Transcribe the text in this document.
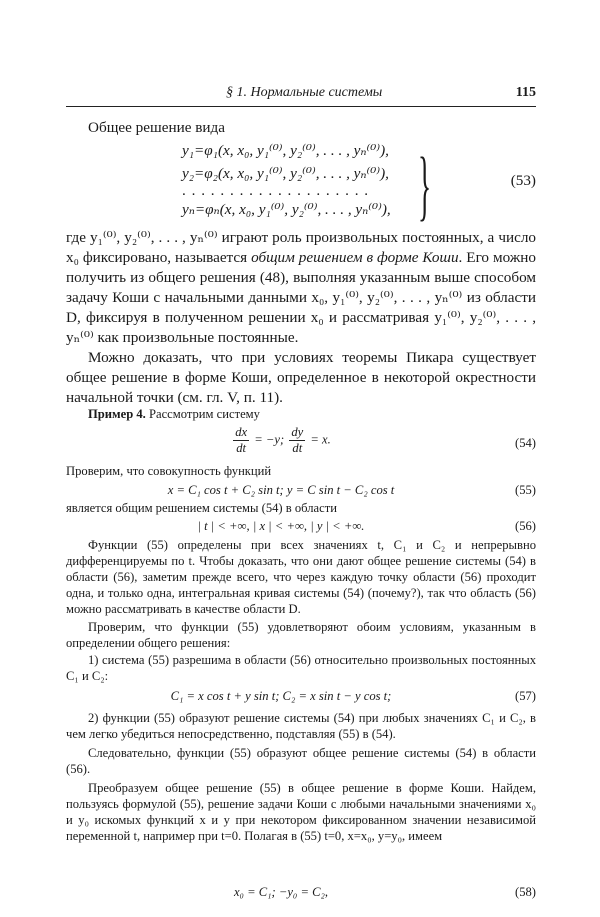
§ 1. Нормальные системы	115
Общее решение вида
y₁=φ₁(x, x₀, y₁⁽⁰⁾, y₂⁽⁰⁾, . . . , yₙ⁽⁰⁾),
y₂=φ₂(x, x₀, y₁⁽⁰⁾, y₂⁽⁰⁾, . . . , yₙ⁽⁰⁾),
. . . . . . . . . . . . . . . . . . . .
yₙ=φₙ(x, x₀, y₁⁽⁰⁾, y₂⁽⁰⁾, . . . , yₙ⁽⁰⁾), }	(53)
где y₁⁽⁰⁾, y₂⁽⁰⁾, . . . , yₙ⁽⁰⁾ играют роль произвольных постоянных, а число x₀ фиксировано, называется общим решением в форме Коши. Его можно получить из общего решения (48), выполняя указанным выше способом задачу Коши с начальными данными x₀, y₁⁽⁰⁾, y₂⁽⁰⁾, . . . , yₙ⁽⁰⁾ из области D, фиксируя в полученном решении x₀ и рассматривая y₁⁽⁰⁾, y₂⁽⁰⁾, . . . , yₙ⁽⁰⁾ как произвольные постоянные.
Можно доказать, что при условиях теоремы Пикара существует общее решение в форме Коши, определенное в некоторой окрестности начальной точки (см. гл. V, п. 11).
Пример 4. Рассмотрим систему
$\frac{dx}{dt} = -y$; $\frac{dy}{dt} = x$.	(54)
Проверим, что совокупность функций
x = C₁ cos t + C₂ sin t; y = C sin t − C₂ cos t	(55)
является общим решением системы (54) в области
| t | < +∞, | x | < +∞, | y | < +∞.	(56)
Функции (55) определены при всех значениях t, C₁ и C₂ и непрерывно дифференцируемы по t. Чтобы доказать, что они дают общее решение системы (54) в области (56), заметим прежде всего, что через каждую точку области (56) проходит одна, и только одна, интегральная кривая системы (54) (почему?), так что область (56) можно рассматривать в качестве области D.
Проверим, что функции (55) удовлетворяют обоим условиям, указанным в определении общего решения:
1) система (55) разрешима в области (56) относительно произвольных постоянных C₁ и C₂:
C₁ = x cos t + y sin t; C₂ = x sin t − y cos t;	(57)
2) функции (55) образуют решение системы (54) при любых значениях C₁ и C₂, в чем легко убедиться непосредственно, подставляя (55) в (54).
Следовательно, функции (55) образуют общее решение системы (54) в области (56).
Преобразуем общее решение (55) в общее решение в форме Коши. Найдем, пользуясь формулой (55), решение задачи Коши с любыми начальными значениями x₀ и y₀ искомых функций x и y при некотором фиксированном значении независимой переменной t, например при t=0. Полагая в (55) t=0, x=x₀, y=y₀, имеем
x₀ = C₁; −y₀ = C₂,	(58)
